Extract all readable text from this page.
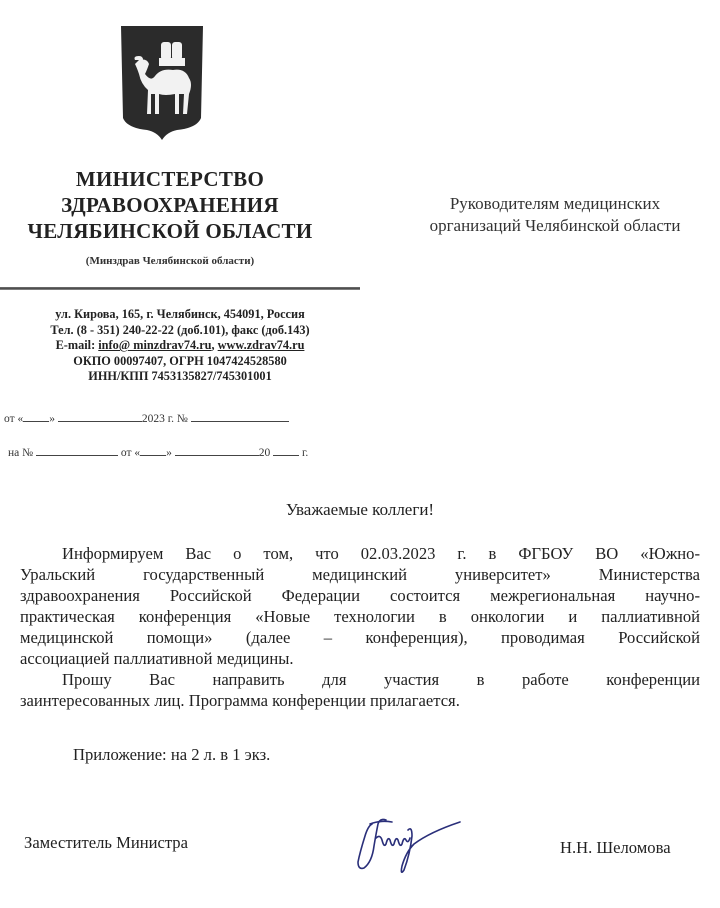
МИНИСТЕРСТВО
ЗДРАВООХРАНЕНИЯ
ЧЕЛЯБИНСКОЙ ОБЛАСТИ
(Минздрав Челябинской области)
ул. Кирова, 165, г. Челябинск, 454091, Россия
Тел. (8 - 351) 240-22-22 (доб.101), факс (доб.143)
E-mail: info@ minzdrav74.ru, www.zdrav74.ru
ОКПО 00097407, ОГРН 1047424528580
ИНН/КПП 7453135827/745301001
от « »	2023 г. №
на №	от « »	20	г.
Руководителям медицинских
организаций Челябинской области
Уважаемые коллеги!
Информируем Вас о том, что 02.03.2023 г. в ФГБОУ ВО «Южно-
Уральский государственный медицинский университет» Министерства
здравоохранения Российской Федерации состоится межрегиональная научно-
практическая конференция «Новые технологии в онкологии и паллиативной
медицинской помощи» (далее – конференция), проводимая Российской
ассоциацией паллиативной медицины.
Прошу Вас направить для участия в работе конференции
заинтересованных лиц. Программа конференции прилагается.
Приложение: на 2 л. в 1 экз.
Заместитель Министра	Н.Н. Шеломова
